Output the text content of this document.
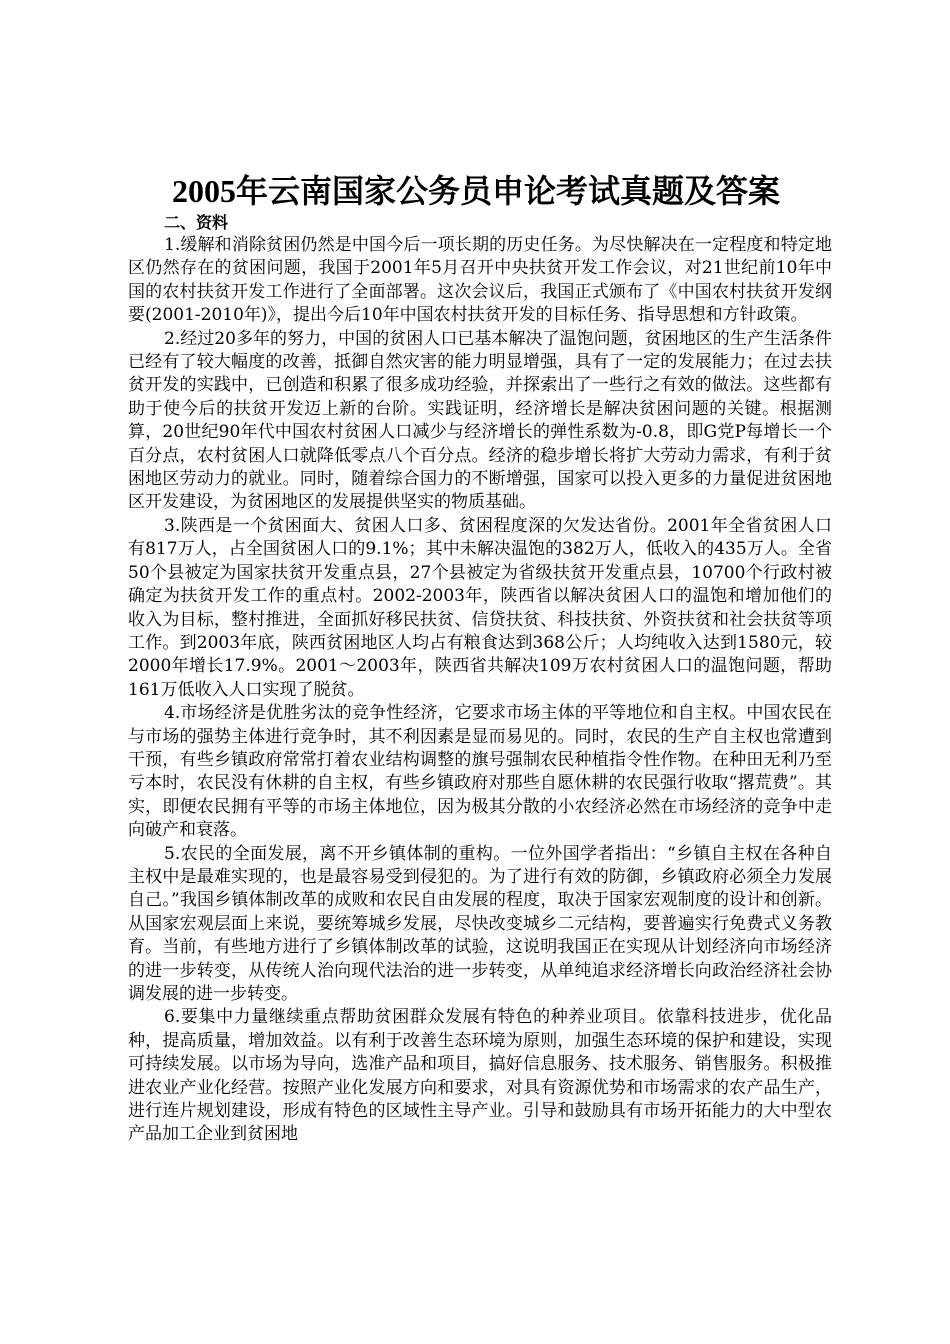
2005年云南国家公务员申论考试真题及答案
二、资料

1.缓解和消除贫困仍然是中国今后一项长期的历史任务。为尽快解决在一定程度和特定地区仍然存在的贫困问题，我国于2001年5月召开中央扶贫开发工作会议，对21世纪前10年中国的农村扶贫开发工作进行了全面部署。这次会议后，我国正式颁布了《中国农村扶贫开发纲要(2001-2010年)》，提出今后10年中国农村扶贫开发的目标任务、指导思想和方针政策。

2.经过20多年的努力，中国的贫困人口已基本解决了温饱问题，贫困地区的生产生活条件已经有了较大幅度的改善，抵御自然灾害的能力明显增强，具有了一定的发展能力；在过去扶贫开发的实践中，已创造和积累了很多成功经验，并探索出了一些行之有效的做法。这些都有助于使今后的扶贫开发迈上新的台阶。实践证明，经济增长是解决贫困问题的关键。根据测算，20世纪90年代中国农村贫困人口减少与经济增长的弹性系数为-0.8，即G党P每增长一个百分点，农村贫困人口就降低零点八个百分点。经济的稳步增长将扩大劳动力需求，有利于贫困地区劳动力的就业。同时，随着综合国力的不断增强，国家可以投入更多的力量促进贫困地区开发建设，为贫困地区的发展提供坚实的物质基础。

3.陕西是一个贫困面大、贫困人口多、贫困程度深的欠发达省份。2001年全省贫困人口有817万人，占全国贫困人口的9.1%；其中未解决温饱的382万人，低收入的435万人。全省50个县被定为国家扶贫开发重点县，27个县被定为省级扶贫开发重点县，10700个行政村被确定为扶贫开发工作的重点村。2002-2003年，陕西省以解决贫困人口的温饱和增加他们的收入为目标，整村推进，全面抓好移民扶贫、信贷扶贫、科技扶贫、外资扶贫和社会扶贫等项工作。到2003年底，陕西贫困地区人均占有粮食达到368公斤；人均纯收入达到1580元，较2000年增长17.9%。2001～2003年，陕西省共解决109万农村贫困人口的温饱问题，帮助161万低收入人口实现了脱贫。

4.市场经济是优胜劣汰的竞争性经济，它要求市场主体的平等地位和自主权。中国农民在与市场的强势主体进行竞争时，其不利因素是显而易见的。同时，农民的生产自主权也常遭到干预，有些乡镇政府常常打着农业结构调整的旗号强制农民种植指令性作物。在种田无利乃至亏本时，农民没有休耕的自主权，有些乡镇政府对那些自愿休耕的农民强行收取“撂荒费”。其实，即便农民拥有平等的市场主体地位，因为极其分散的小农经济必然在市场经济的竞争中走向破产和衰落。

5.农民的全面发展，离不开乡镇体制的重构。一位外国学者指出：“乡镇自主权在各种自主权中是最难实现的，也是最容易受到侵犯的。为了进行有效的防御，乡镇政府必须全力发展自己。”我国乡镇体制改革的成败和农民自由发展的程度，取决于国家宏观制度的设计和创新。从国家宏观层面上来说，要统筹城乡发展，尽快改变城乡二元结构，要普遍实行免费式义务教育。当前，有些地方进行了乡镇体制改革的试验，这说明我国正在实现从计划经济向市场经济的进一步转变，从传统人治向现代法治的进一步转变，从单纯追求经济增长向政治经济社会协调发展的进一步转变。

6.要集中力量继续重点帮助贫困群众发展有特色的种养业项目。依靠科技进步，优化品种，提高质量，增加效益。以有利于改善生态环境为原则，加强生态环境的保护和建设，实现可持续发展。以市场为导向，选准产品和项目，搞好信息服务、技术服务、销售服务。积极推进农业产业化经营。按照产业化发展方向和要求，对具有资源优势和市场需求的农产品生产，进行连片规划建设，形成有特色的区域性主导产业。引导和鼓励具有市场开拓能力的大中型农产品加工企业到贫困地
